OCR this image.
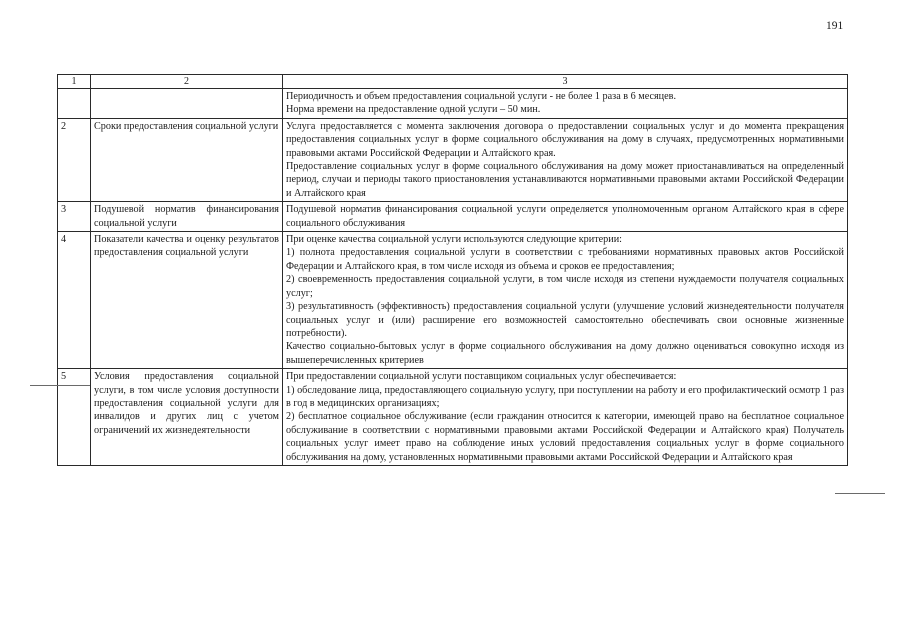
191
1	2	3

		Периодичность и объем предоставления социальной услуги - не более 1 раза в 6 месяцев.

Норма времени на предоставление одной услуги – 50 мин.

2	Сроки предоставления социальной услуги	Услуга предоставляется с момента заключения договора о предоставлении социальных услуг и до момента прекращения предоставления социальных услуг в форме социального обслуживания на дому в случаях, предусмотренных нормативными правовыми актами Российской Федерации и Алтайского края.

Предоставление социальных услуг в форме социального обслуживания на дому может приостанавливаться на определенный период, случаи и периоды такого приостановления устанавливаются нормативными правовыми актами Российской Федерации и Алтайского края

3	Подушевой норматив финансирования социальной услуги	Подушевой норматив финансирования социальной услуги определяется уполномоченным органом Алтайского края в сфере социального обслуживания

4	Показатели качества и оценку результатов предоставления социальной услуги	При оценке качества социальной услуги используются следующие критерии:

1) полнота предоставления социальной услуги в соответствии с требованиями нормативных правовых актов Российской Федерации и Алтайского края, в том числе исходя из объема и сроков ее предоставления;

2) своевременность предоставления социальной услуги, в том числе исходя из степени нуждаемости получателя социальных услуг;

3) результативность (эффективность) предоставления социальной услуги (улучшение условий жизнедеятельности получателя социальных услуг и (или) расширение его возможностей самостоятельно обеспечивать свои основные жизненные потребности).

Качество социально-бытовых услуг в форме социального обслуживания на дому должно оцениваться совокупно исходя из вышеперечисленных критериев

5	Условия предоставления социальной услуги, в том числе условия доступности предоставления социальной услуги для инвалидов и других лиц с учетом ограничений их жизнедеятельности	При предоставлении социальной услуги поставщиком социальных услуг обеспечивается:

1) обследование лица, предоставляющего социальную услугу, при поступлении на работу и его профилактический осмотр 1 раз в год в медицинских организациях;

2) бесплатное социальное обслуживание (если гражданин относится к категории, имеющей право на бесплатное социальное обслуживание в соответствии с нормативными правовыми актами Российской Федерации и Алтайского края) Получатель социальных услуг имеет право на соблюдение иных условий предоставления социальных услуг в форме социального обслуживания на дому, установленных нормативными правовыми актами Российской Федерации и Алтайского края
